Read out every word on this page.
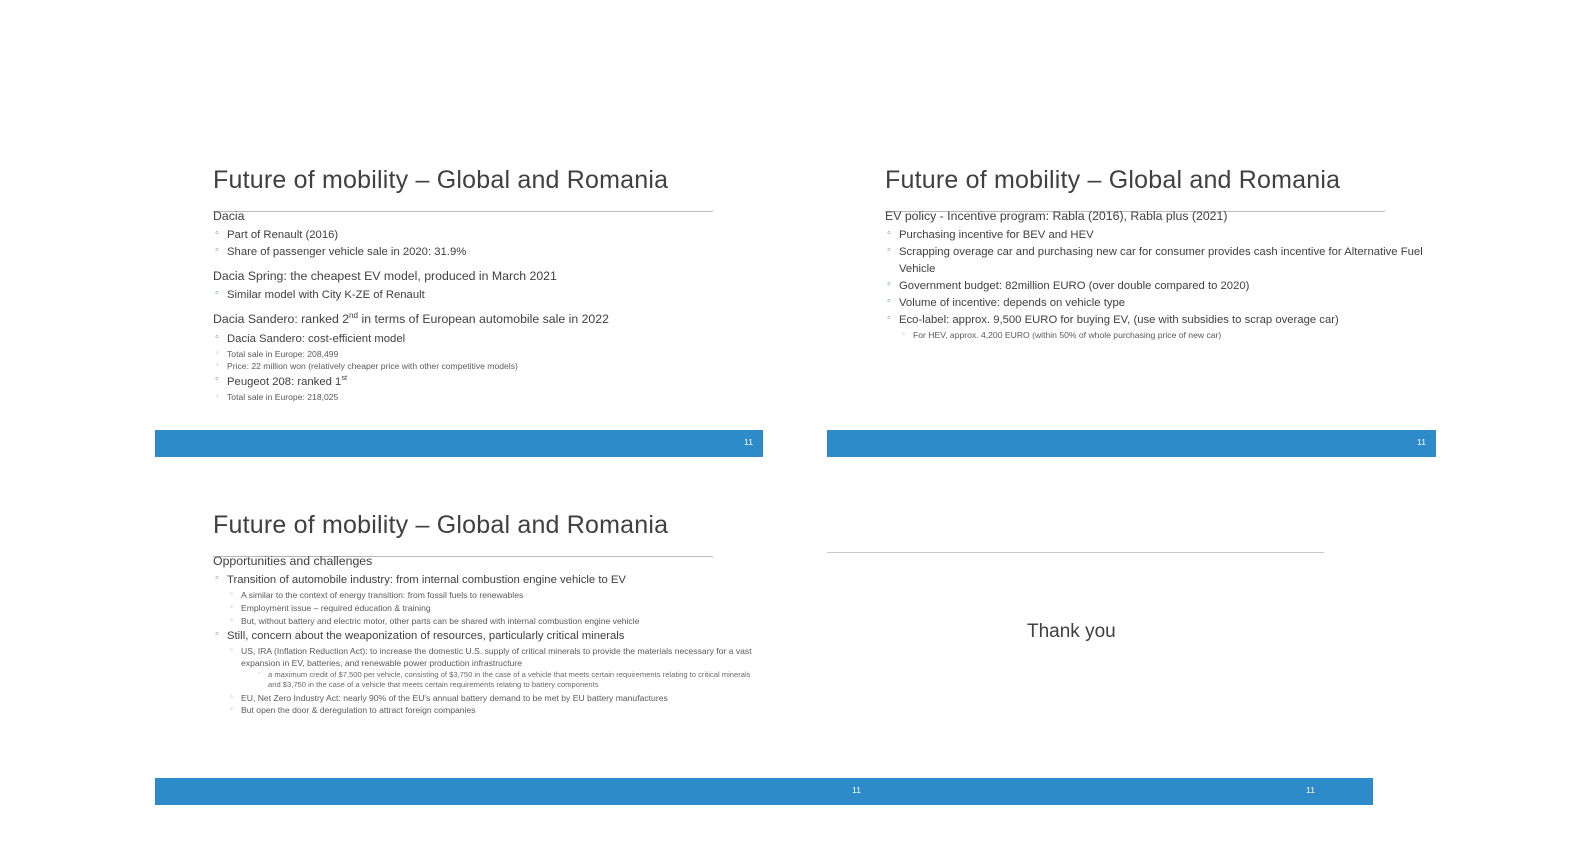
Future of mobility – Global and Romania
Dacia
◦ Part of Renault (2016)
◦ Share of passenger vehicle sale in 2020: 31.9%
Dacia Spring: the cheapest EV model, produced in March 2021
◦ Similar model with City K-ZE of Renault
Dacia Sandero: ranked 2nd in terms of European automobile sale in 2022
◦ Dacia Sandero: cost-efficient model
◦ Total sale in Europe: 208,499
◦ Price: 22 million won (relatively cheaper price with other competitive models)
◦ Peugeot 208: ranked 1st
◦ Total sale in Europe: 218,025
11
Future of mobility – Global and Romania
EV policy - Incentive program: Rabla (2016), Rabla plus (2021)
◦ Purchasing incentive for BEV and HEV
◦ Scrapping overage car and purchasing new car for consumer provides cash incentive for Alternative Fuel Vehicle
◦ Government budget: 82million EURO (over double compared to 2020)
◦ Volume of incentive: depends on vehicle type
◦ Eco-label: approx. 9,500 EURO for buying EV, (use with subsidies to scrap overage car)
◦ For HEV, approx. 4,200 EURO (within 50% of whole purchasing price of new car)
11
Future of mobility – Global and Romania
Opportunities and challenges
◦ Transition of automobile industry: from internal combustion engine vehicle to EV
◦ A similar to the context of energy transition: from fossil fuels to renewables
◦ Employment issue – required education & training
◦ But, without battery and electric motor, other parts can be shared with internal combustion engine vehicle
◦ Still, concern about the weaponization of resources, particularly critical minerals
◦ US, IRA (Inflation Reduction Act): to increase the domestic U.S. supply of critical minerals to provide the materials necessary for a vast expansion in EV, batteries, and renewable power production infrastructure
◦ a maximum credit of $7,500 per vehicle, consisting of $3,750 in the case of a vehicle that meets certain requirements relating to critical minerals and $3,750 in the case of a vehicle that meets certain requirements relating to battery components
◦ EU, Net Zero Industry Act: nearly 90% of the EU's annual battery demand to be met by EU battery manufactures
◦ But open the door & deregulation to attract foreign companies
11
Thank you
11
